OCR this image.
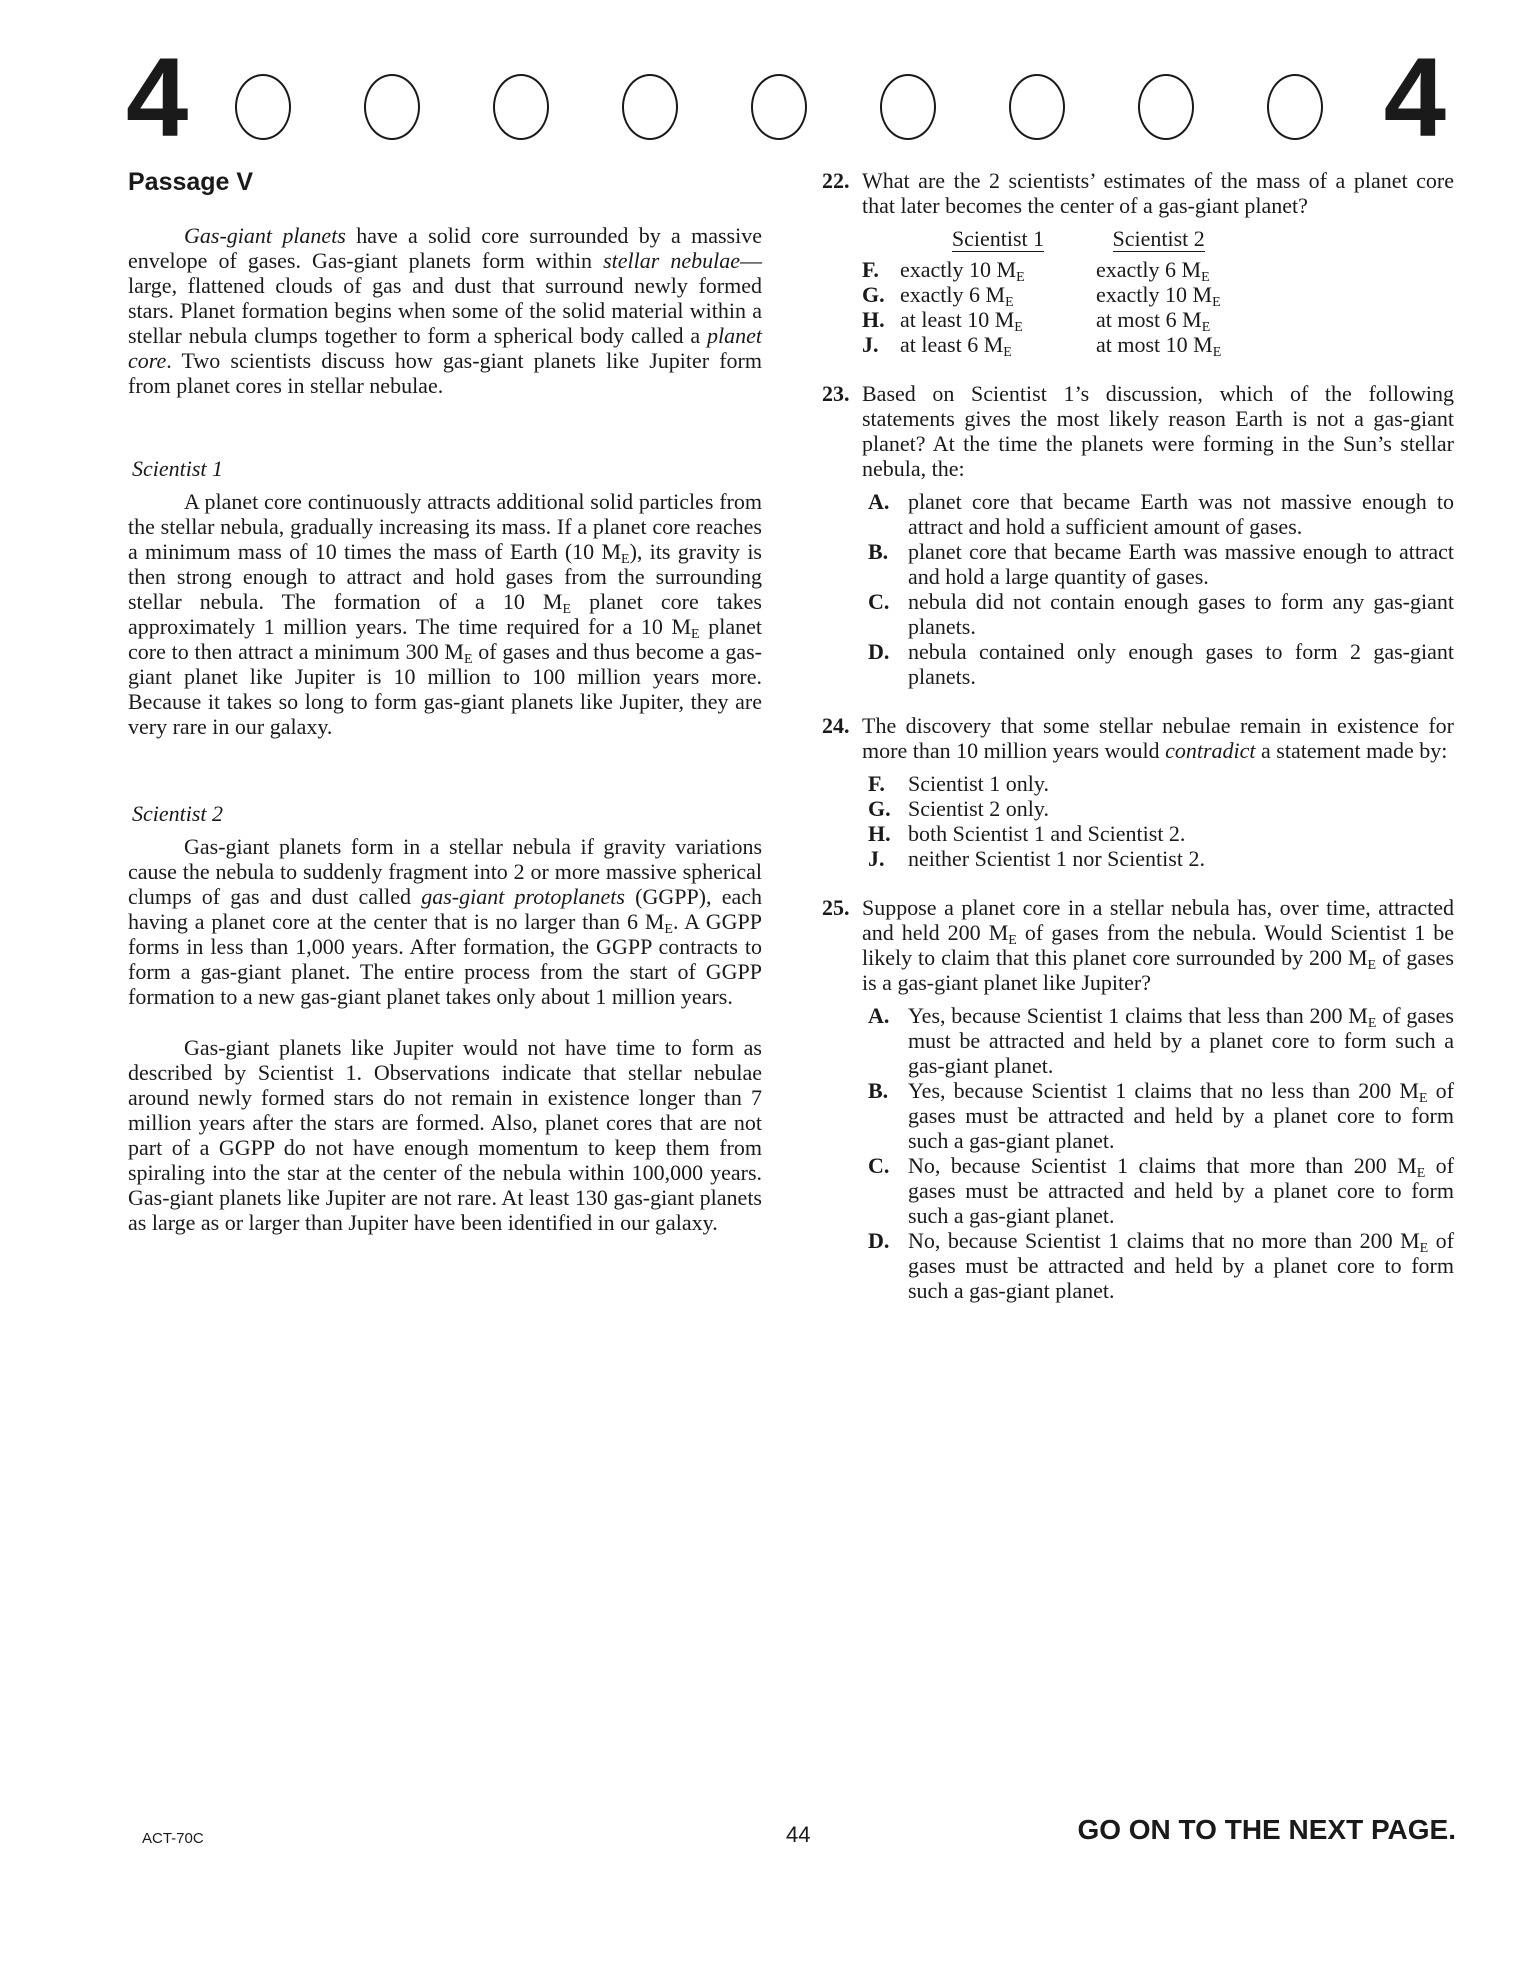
4	4
Passage V

Gas-giant planets have a solid core surrounded by a massive envelope of gases. Gas-giant planets form within stellar nebulae—large, flattened clouds of gas and dust that surround newly formed stars. Planet formation begins when some of the solid material within a stellar nebula clumps together to form a spherical body called a planet core. Two scientists discuss how gas-giant planets like Jupiter form from planet cores in stellar nebulae.

Scientist 1

A planet core continuously attracts additional solid particles from the stellar nebula, gradually increasing its mass. If a planet core reaches a minimum mass of 10 times the mass of Earth (10 $M_E$), its gravity is then strong enough to attract and hold gases from the surrounding stellar nebula. The formation of a 10 $M_E$ planet core takes approximately 1 million years. The time required for a 10 $M_E$ planet core to then attract a minimum 300 $M_E$ of gases and thus become a gas-giant planet like Jupiter is 10 million to 100 million years more. Because it takes so long to form gas-giant planets like Jupiter, they are very rare in our galaxy.

Scientist 2

Gas-giant planets form in a stellar nebula if gravity variations cause the nebula to suddenly fragment into 2 or more massive spherical clumps of gas and dust called gas-giant protoplanets (GGPP), each having a planet core at the center that is no larger than 6 $M_E$. A GGPP forms in less than 1,000 years. After formation, the GGPP contracts to form a gas-giant planet. The entire process from the start of GGPP formation to a new gas-giant planet takes only about 1 million years.

Gas-giant planets like Jupiter would not have time to form as described by Scientist 1. Observations indicate that stellar nebulae around newly formed stars do not remain in existence longer than 7 million years after the stars are formed. Also, planet cores that are not part of a GGPP do not have enough momentum to keep them from spiraling into the star at the center of the nebula within 100,000 years. Gas-giant planets like Jupiter are not rare. At least 130 gas-giant planets as large as or larger than Jupiter have been identified in our galaxy.

22. What are the 2 scientists’ estimates of the mass of a planet core that later becomes the center of a gas-giant planet?
	Scientist 1	Scientist 2
F.	exactly 10 $M_E$	exactly 6 $M_E$
G.	exactly 6 $M_E$	exactly 10 $M_E$
H.	at least 10 $M_E$	at most 6 $M_E$
J.	at least 6 $M_E$	at most 10 $M_E$
23. Based on Scientist 1’s discussion, which of the following statements gives the most likely reason Earth is not a gas-giant planet? At the time the planets were forming in the Sun’s stellar nebula, the:
A. planet core that became Earth was not massive enough to attract and hold a sufficient amount of gases.
B. planet core that became Earth was massive enough to attract and hold a large quantity of gases.
C. nebula did not contain enough gases to form any gas-giant planets.
D. nebula contained only enough gases to form 2 gas-giant planets.
24. The discovery that some stellar nebulae remain in existence for more than 10 million years would contradict a statement made by:
F. Scientist 1 only.
G. Scientist 2 only.
H. both Scientist 1 and Scientist 2.
J. neither Scientist 1 nor Scientist 2.
25. Suppose a planet core in a stellar nebula has, over time, attracted and held 200 $M_E$ of gases from the nebula. Would Scientist 1 be likely to claim that this planet core surrounded by 200 $M_E$ of gases is a gas-giant planet like Jupiter?
A. Yes, because Scientist 1 claims that less than 200 $M_E$ of gases must be attracted and held by a planet core to form such a gas-giant planet.
B. Yes, because Scientist 1 claims that no less than 200 $M_E$ of gases must be attracted and held by a planet core to form such a gas-giant planet.
C. No, because Scientist 1 claims that more than 200 $M_E$ of gases must be attracted and held by a planet core to form such a gas-giant planet.
D. No, because Scientist 1 claims that no more than 200 $M_E$ of gases must be attracted and held by a planet core to form such a gas-giant planet.
ACT-70C	44	GO ON TO THE NEXT PAGE.
